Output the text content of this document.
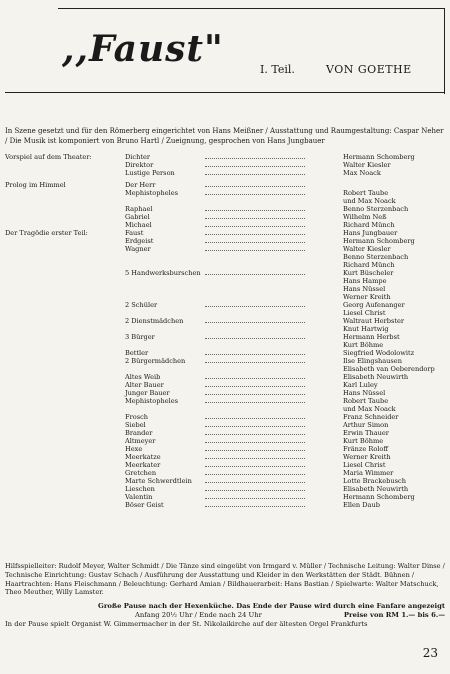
,,Faust"	I. Teil.	VON GOETHE
In Szene gesetzt und für den Römerberg eingerichtet von Hans Meißner / Ausstattung und Raumgestaltung: Caspar Neher / Die Musik ist komponiert von Bruno Hartl / Zueignung, gesprochen von Hans Jungbauer
Vorspiel auf dem Theater:	Dichter	Hermann Schomberg
Direktor	Walter Kiesler
Lustige Person	Max Noack
Prolog im Himmel	Der Herr
Mephistopheles	Robert Taube
und Max Noack
Raphael	Benno Sterzenbach
Gabriel	Wilhelm Neß
Michael	Richard Münch
Der Tragödie erster Teil:	Faust	Hans Jungbauer
Erdgeist	Hermann Schomberg
Wagner	Walter Kiesler
Benno Sterzenbach
Richard Münch
5 Handwerksburschen	Kurt Büscheler
Hans Hampe
Hans Nüssel
Werner Kreith
2 Schüler	Georg Aufenanger
Liesel Christ
2 Dienstmädchen	Waltraut Herbster
Knut Hartwig
3 Bürger	Hermann Herbst
Kurt Böhme
Bettler	Siegfried Wodolowitz
2 Bürgermädchen	Ilse Elingshausen
Elisabeth van Oeberendorp
Altes Weib	Elisabeth Neuwirth
Alter Bauer	Karl Luley
Junger Bauer	Hans Nüssel
Mephistopheles	Robert Taube
und Max Noack
Frosch	Franz Schneider
Siebel	Arthur Simon
Brander	Erwin Thauer
Altmeyer	Kurt Böhme
Hexe	Fränze Roloff
Meerkatze	Werner Kreith
Meerkater	Liesel Christ
Gretchen	Maria Wimmer
Marte Schwerdtlein	Lotte Brackebusch
Lieschen	Elisabeth Neuwirth
Valentin	Hermann Schomberg
Böser Geist	Ellen Daub

Hilfsspielleiter: Rudolf Meyer, Walter Schmidt / Die Tänze sind eingeübt von Irmgard v. Müller / Technische Leitung: Walter Dinse / Technische Einrichtung: Gustav Schach / Ausführung der Ausstattung und Kleider in den Werkstätten der Städt. Bühnen / Haartrachten: Hans Fleischmann / Beleuchtung: Gerhard Amian / Bildhauerarbeit: Hans Bastian / Spielwarte: Walter Matschuck, Theo Meuther, Willy Lamster.

Große Pause nach der Hexenküche. Das Ende der Pause wird durch eine Fanfare angezeigt
Anfang 20½ Uhr / Ende nach 24 Uhr	Preise von RM 1.— bis 6.—
In der Pause spielt Organist W. Gimmermacher in der St. Nikolaikirche auf der ältesten Orgel Frankfurts
23
